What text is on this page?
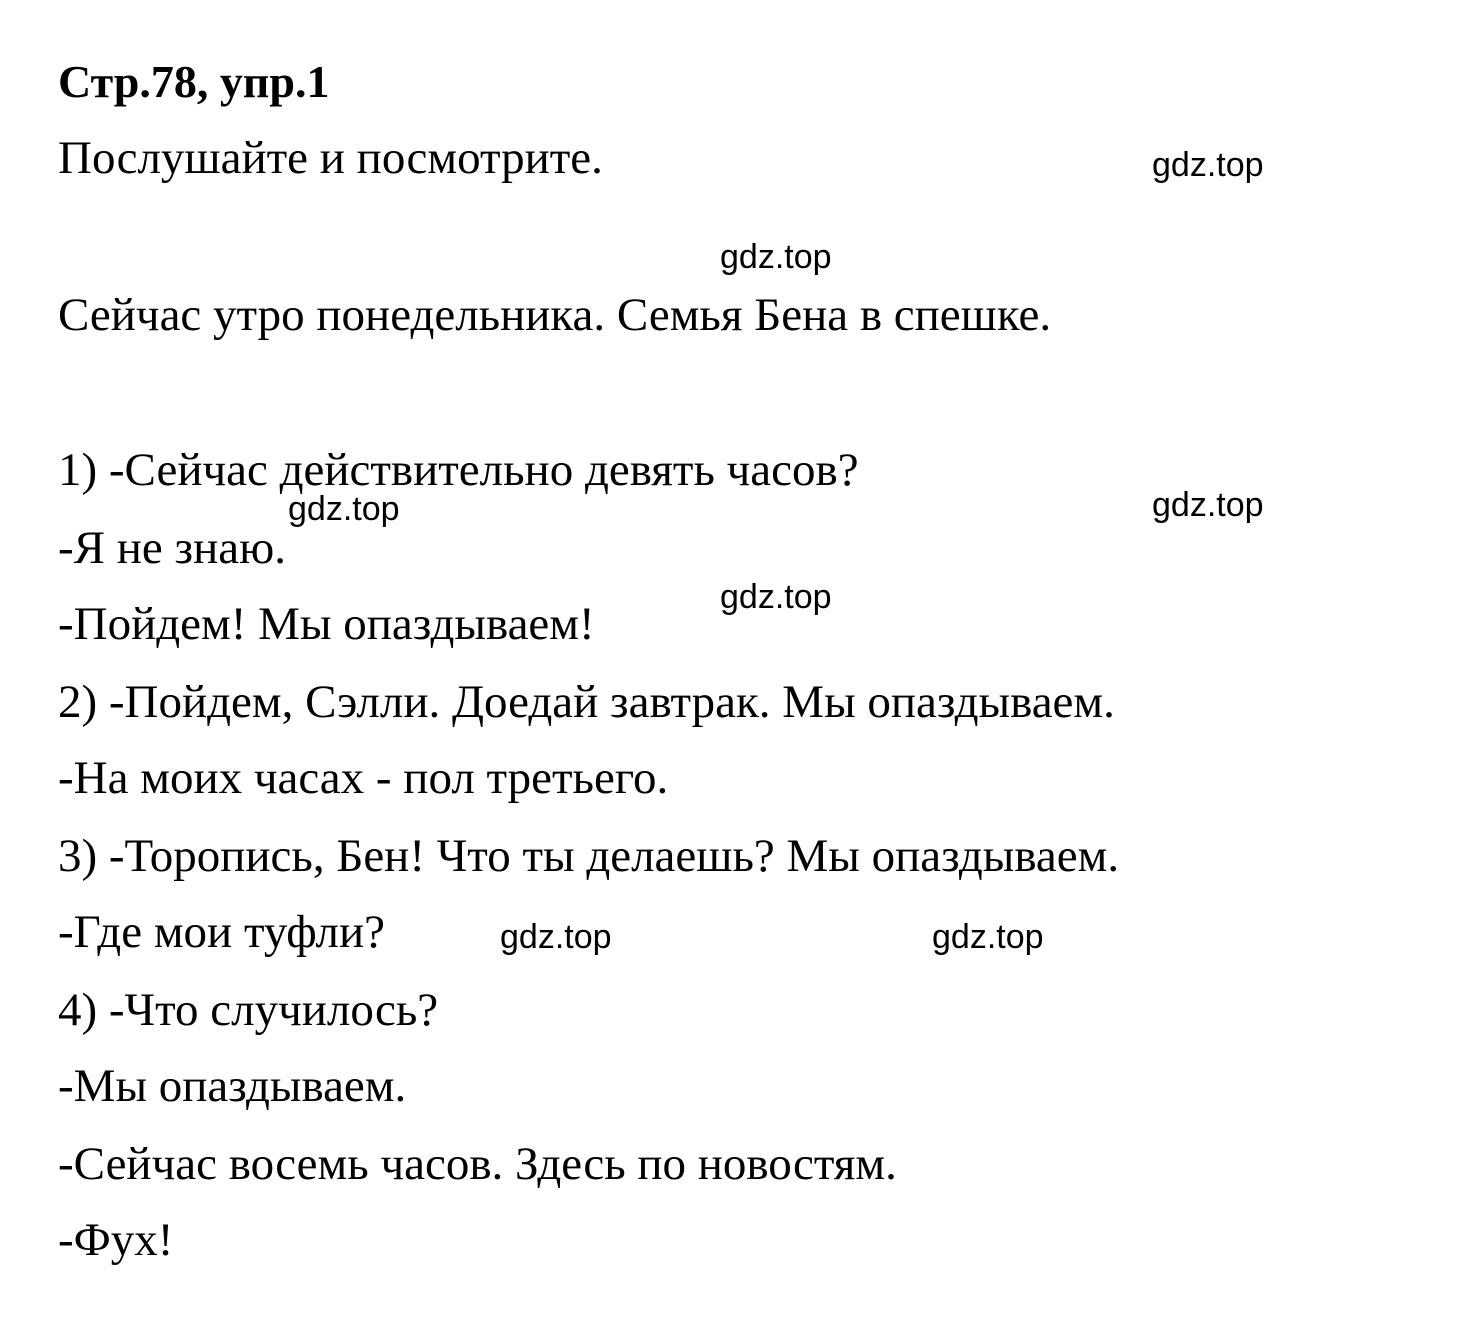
Стр.78, упр.1
Послушайте и посмотрите.
Сейчас утро понедельника. Семья Бена в спешке.
1) -Сейчас действительно девять часов?
-Я не знаю.
-Пойдем! Мы опаздываем!
2) -Пойдем, Сэлли. Доедай завтрак. Мы опаздываем.
-На моих часах - пол третьего.
3) -Торопись, Бен! Что ты делаешь? Мы опаздываем.
-Где мои туфли?
4) -Что случилось?
-Мы опаздываем.
-Сейчас восемь часов. Здесь по новостям.
-Фух!
gdz.top
gdz.top
gdz.top	gdz.top
gdz.top
gdz.top	gdz.top
